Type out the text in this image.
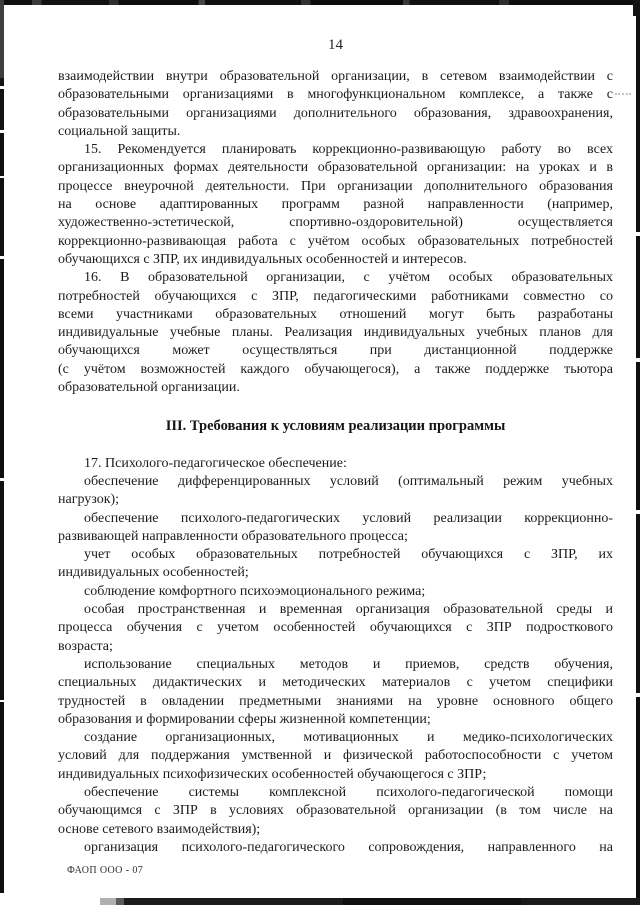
14
взаимодействии внутри образовательной организации, в сетевом взаимодействии с
образовательными организациями в многофункциональном комплексе, а также с
образовательными организациями дополнительного образования, здравоохранения,
социальной защиты.
15. Рекомендуется планировать коррекционно-развивающую работу во всех
организационных формах деятельности образовательной организации: на уроках и в
процессе внеурочной деятельности. При организации дополнительного образования
на основе адаптированных программ разной направленности (например,
художественно-эстетической, спортивно-оздоровительной) осуществляется
коррекционно-развивающая работа с учётом особых образовательных потребностей
обучающихся с ЗПР, их индивидуальных особенностей и интересов.
16. В образовательной организации, с учётом особых образовательных
потребностей обучающихся с ЗПР, педагогическими работниками совместно со
всеми участниками образовательных отношений могут быть разработаны
индивидуальные учебные планы. Реализация индивидуальных учебных планов для
обучающихся может осуществляться при дистанционной поддержке
(с учётом возможностей каждого обучающегося), а также поддержке тьютора
образовательной организации.
III. Требования к условиям реализации программы
17. Психолого-педагогическое обеспечение:
обеспечение дифференцированных условий (оптимальный режим учебных
нагрузок);
обеспечение психолого-педагогических условий реализации коррекционно-
развивающей направленности образовательного процесса;
учет особых образовательных потребностей обучающихся с ЗПР, их
индивидуальных особенностей;
соблюдение комфортного психоэмоционального режима;
особая пространственная и временная организация образовательной среды и
процесса обучения с учетом особенностей обучающихся с ЗПР подросткового
возраста;
использование специальных методов и приемов, средств обучения,
специальных дидактических и методических материалов с учетом специфики
трудностей в овладении предметными знаниями на уровне основного общего
образования и формировании сферы жизненной компетенции;
создание организационных, мотивационных и медико-психологических
условий для поддержания умственной и физической работоспособности с учетом
индивидуальных психофизических особенностей обучающегося с ЗПР;
обеспечение системы комплексной психолого-педагогической помощи
обучающимся с ЗПР в условиях образовательной организации (в том числе на
основе сетевого взаимодействия);
организация психолого-педагогического сопровождения, направленного на
ФАОП ООО - 07
